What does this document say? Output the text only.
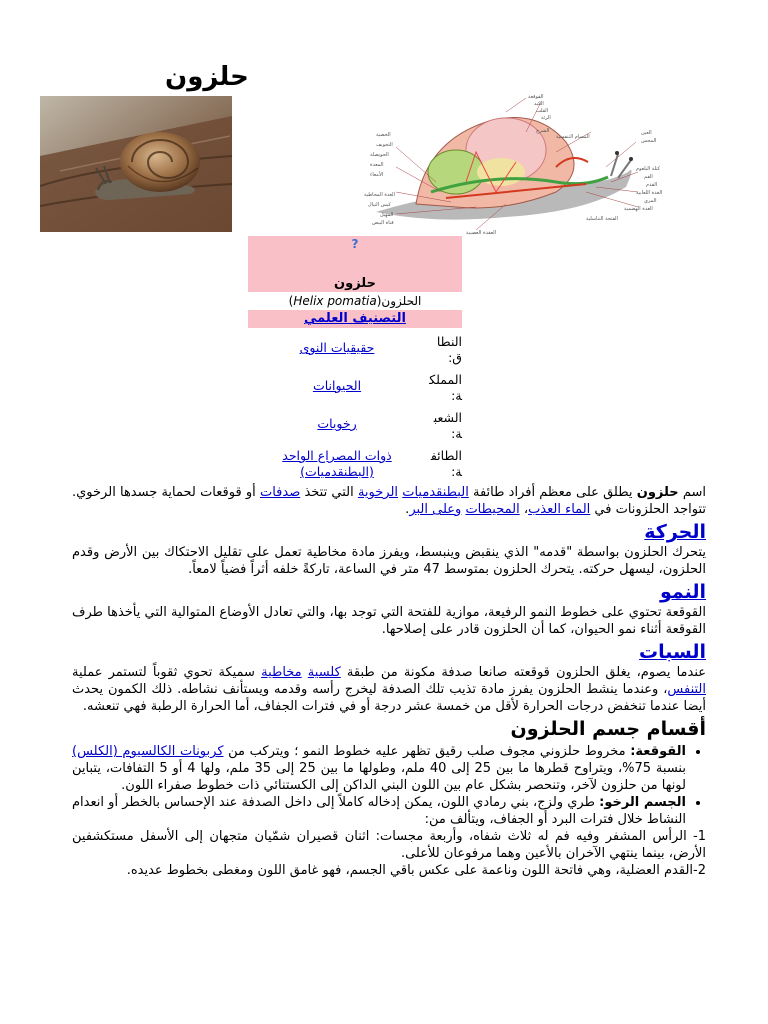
حلزون
القوقعة
الكبد
القلب
الرئة
الخصية
التجويف
الشرج
المسام التنفسية
العين
المجس
كتلة البلعوم
الفم
القدم
الغدة اللعابية
المري
الغدة الهضمية
الحويصلة
المعدة
الأمعاء
الغدة المخاطية
كيس النبال
المهبل
قناة البيض
الفتحة التناسلية
العقدة العصبية
?
حلزون
الحلزون(Helix pomatia)
التصنيف العلمي
النطاق:
حقيقيات النوى
المملكة:
الحيوانات
الشعبة:
رخويات
الطائفة:
ذوات المصراع الواحد (البطنقدميات)

اسم حلزون يطلق على معظم أفراد طائفة البطنقدميات الرخوية التي تتخذ صدفات أو قوقعات لحماية جسدها الرخوي. تتواجد الحلزونات في الماء العذب، المحيطات وعلى البر.

الحركة

يتحرك الحلزون بواسطة "قدمه" الذي ينقبض وينبسط، ويفرز مادة مخاطية تعمل على تقليل الاحتكاك بين الأرض وقدم الحلزون، ليسهل حركته. يتحرك الحلزون بمتوسط 47 متر في الساعة، تاركةً خلفه أثراً فضياً لامعاً.

النمو

القوقعة تحتوي على خطوط النمو الرفيعة، موازية للفتحة التي توجد بها، والتي تعادل الأوضاع المتوالية التي يأخذها طرف القوقعة أثناء نمو الحيوان، كما أن الحلزون قادر على إصلاحها.

السبات

عندما يصوم، يغلق الحلزون قوقعته صانعا صدفة مكونة من طبقة كلسية مخاطية سميكة تحوي ثقوباً لتستمر عملية التنفس، وعندما ينشط الحلزون يفرز مادة تذيب تلك الصدفة ليخرج رأسه وقدمه ويستأنف نشاطه. ذلك الكمون يحدث أيضا عندما تنخفض درجات الحرارة لأقل من خمسة عشر درجة أو في فترات الجفاف، أما الحرارة الرطبة فهي تنعشه.

أقسام جسم الحلزون
• القوقعة: مخروط حلزوني مجوف صلب رقيق تظهر عليه خطوط النمو ؛ ويتركب من كربونات الكالسيوم (الكلس) بنسبة 75%، ويتراوح قطرها ما بين 25 إلى 40 ملم، وطولها ما بين 25 إلى 35 ملم، ولها 4 أو 5 التفافات، يتباين لونها من حلزون لآخر، وتنحصر بشكل عام بين اللون البني الداكن إلى الكستنائي ذات خطوط صفراء اللون.
• الجسم الرخو: طري ولزج، بني رمادي اللون، يمكن إدخاله كاملاً إلى داخل الصدفة عند الإحساس بالخطر أو انعدام النشاط خلال فترات البرد أو الجفاف، ويتألف من:

1- الرأس المشفر وفيه فم له ثلاث شفاه، وأربعة مجسات: اثنان قصيران شمّيان متجهان إلى الأسفل مستكشفين الأرض، بينما ينتهي الآخران بالأعين وهما مرفوعان للأعلى.

2-القدم العضلية، وهي فاتحة اللون وناعمة على عكس باقي الجسم، فهو غامق اللون ومغطى بخطوط عديده.
